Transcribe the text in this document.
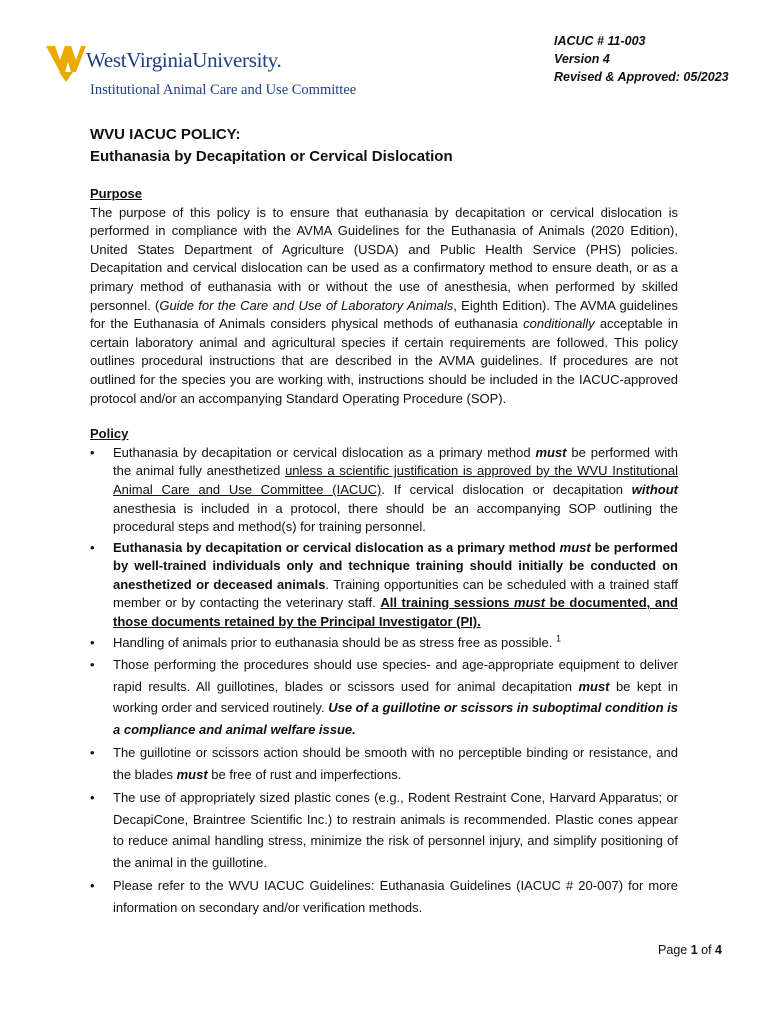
WestVirginiaUniversity.
Institutional Animal Care and Use Committee
IACUC # 11-003
Version 4
Revised & Approved: 05/2023
WVU IACUC POLICY:
Euthanasia by Decapitation or Cervical Dislocation
Purpose
The purpose of this policy is to ensure that euthanasia by decapitation or cervical dislocation is performed in compliance with the AVMA Guidelines for the Euthanasia of Animals (2020 Edition), United States Department of Agriculture (USDA) and Public Health Service (PHS) policies. Decapitation and cervical dislocation can be used as a confirmatory method to ensure death, or as a primary method of euthanasia with or without the use of anesthesia, when performed by skilled personnel. (Guide for the Care and Use of Laboratory Animals, Eighth Edition). The AVMA guidelines for the Euthanasia of Animals considers physical methods of euthanasia conditionally acceptable in certain laboratory animal and agricultural species if certain requirements are followed. This policy outlines procedural instructions that are described in the AVMA guidelines. If procedures are not outlined for the species you are working with, instructions should be included in the IACUC-approved protocol and/or an accompanying Standard Operating Procedure (SOP).
Policy
• Euthanasia by decapitation or cervical dislocation as a primary method must be performed with the animal fully anesthetized unless a scientific justification is approved by the WVU Institutional Animal Care and Use Committee (IACUC). If cervical dislocation or decapitation without anesthesia is included in a protocol, there should be an accompanying SOP outlining the procedural steps and method(s) for training personnel.
• Euthanasia by decapitation or cervical dislocation as a primary method must be performed by well-trained individuals only and technique training should initially be conducted on anesthetized or deceased animals. Training opportunities can be scheduled with a trained staff member or by contacting the veterinary staff. All training sessions must be documented, and those documents retained by the Principal Investigator (PI).
• Handling of animals prior to euthanasia should be as stress free as possible. $^1$
• Those performing the procedures should use species- and age-appropriate equipment to deliver rapid results. All guillotines, blades or scissors used for animal decapitation must be kept in working order and serviced routinely. Use of a guillotine or scissors in suboptimal condition is a compliance and animal welfare issue.
• The guillotine or scissors action should be smooth with no perceptible binding or resistance, and the blades must be free of rust and imperfections.
• The use of appropriately sized plastic cones (e.g., Rodent Restraint Cone, Harvard Apparatus; or DecapiCone, Braintree Scientific Inc.) to restrain animals is recommended. Plastic cones appear to reduce animal handling stress, minimize the risk of personnel injury, and simplify positioning of the animal in the guillotine.
• Please refer to the WVU IACUC Guidelines: Euthanasia Guidelines (IACUC # 20-007) for more information on secondary and/or verification methods.
Page 1 of 4
